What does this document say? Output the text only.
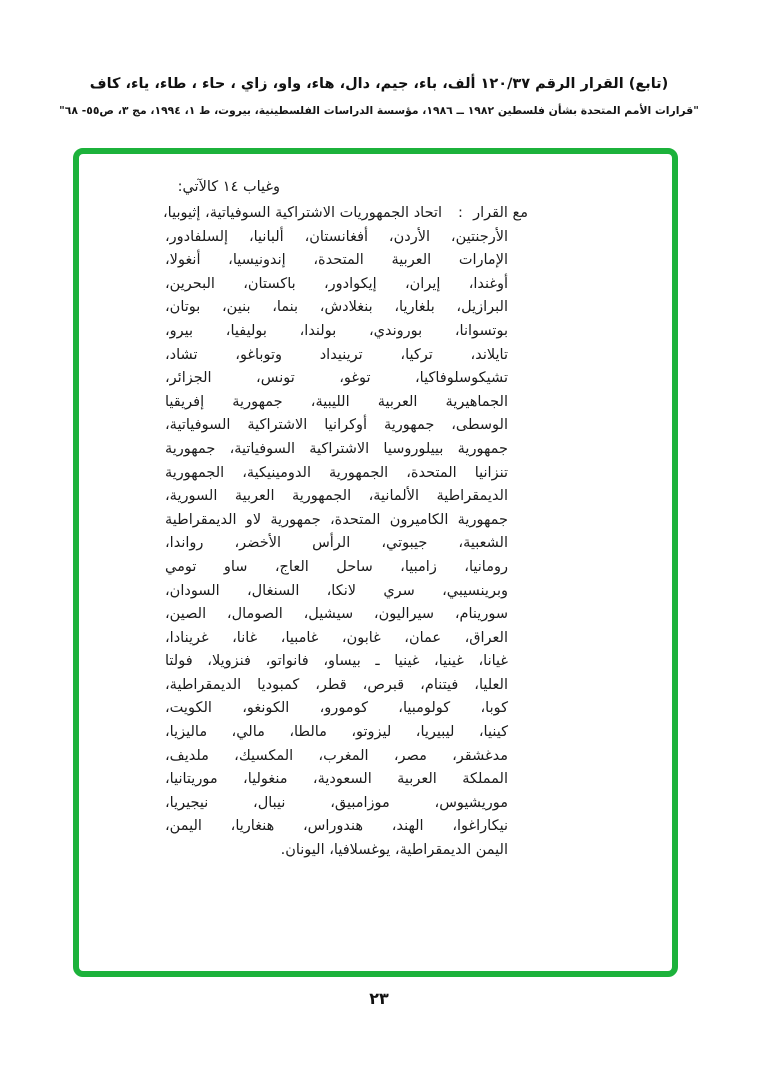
(تابع) القرار الرقم ١٢٠/٣٧ ألف، باء، جيم، دال، هاء، واو، زاي ، حاء ، طاء، ياء، كاف
"قرارات الأمم المتحدة بشأن فلسطين ١٩٨٢ ــ ١٩٨٦، مؤسسة الدراسات الفلسطينية، بيروت، ط ١، ١٩٩٤، مج ٣، ص٥٥- ٦٨"
وغياب ١٤ كالآتي:
مع القرار
:
اتحاد الجمهوريات الاشتراكية السوفياتية، إثيوبيا،
الأرجنتين، الأردن، أفغانستان، ألبانيا، إلسلفادور،
الإمارات العربية المتحدة، إندونيسيا، أنغولا،
أوغندا، إيران، إيكوادور، باكستان، البحرين،
البرازيل، بلغاريا، بنغلادش، بنما، بنين، بوتان،
بوتسوانا، بوروندي، بولندا، بوليفيا، بيرو،
تايلاند، تركيا، ترينيداد وتوباغو، تشاد،
تشيكوسلوفاكيا، توغو، تونس، الجزائر،
الجماهيرية العربية الليبية، جمهورية إفريقيا
الوسطى، جمهورية أوكرانيا الاشتراكية السوفياتية،
جمهورية بييلوروسيا الاشتراكية السوفياتية، جمهورية
تنزانيا المتحدة، الجمهورية الدومينيكية، الجمهورية
الديمقراطية الألمانية، الجمهورية العربية السورية،
جمهورية الكاميرون المتحدة، جمهورية لاو الديمقراطية
الشعبية، جيبوتي، الرأس الأخضر، رواندا،
رومانيا، زامبيا، ساحل العاج، ساو تومي
وبرينسيبي، سري لانكا، السنغال، السودان،
سورينام، سيراليون، سيشيل، الصومال، الصين،
العراق، عمان، غابون، غامبيا، غانا، غرينادا،
غيانا، غينيا، غينيا ـ بيساو، فانواتو، فنزويلا، فولتا
العليا، فيتنام، قبرص، قطر، كمبوديا الديمقراطية،
كوبا، كولومبيا، كومورو، الكونغو، الكويت،
كينيا، ليبيريا، ليزوتو، مالطا، مالي، ماليزيا،
مدغشقر، مصر، المغرب، المكسيك، ملديف،
المملكة العربية السعودية، منغوليا، موريتانيا،
موريشيوس، موزامبيق، نيبال، نيجيريا،
نيكاراغوا، الهند، هندوراس، هنغاريا، اليمن،
اليمن الديمقراطية، يوغسلافيا، اليونان.
٢٣
